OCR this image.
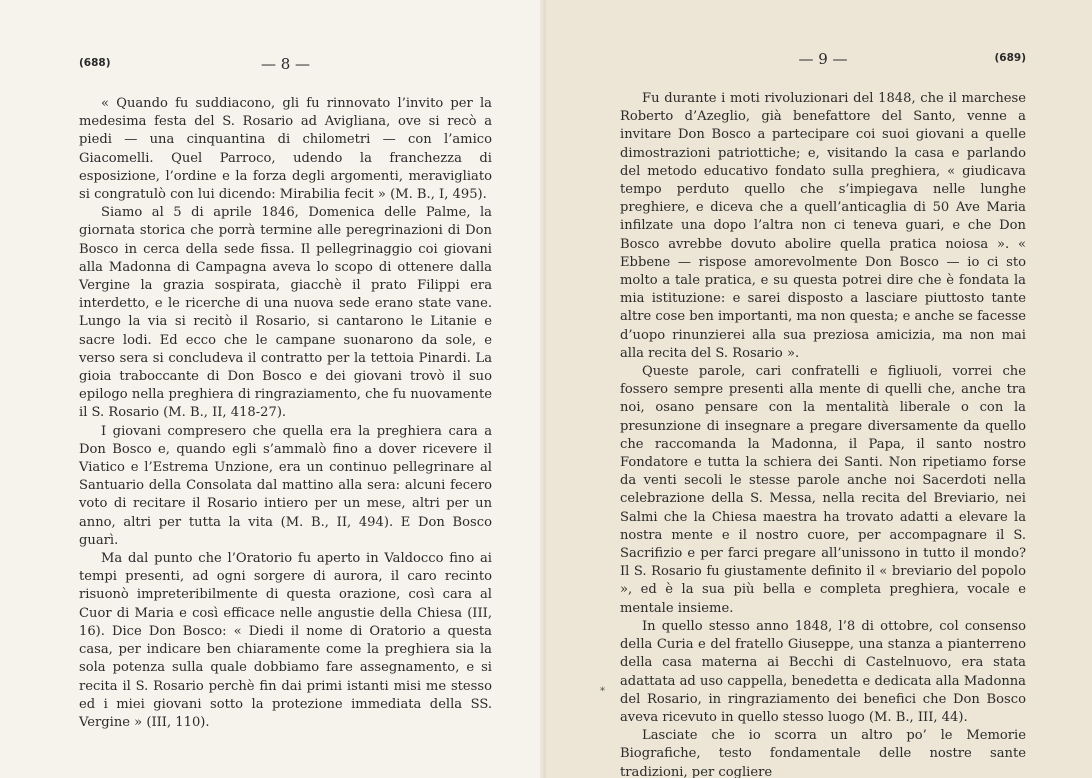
(688)	— 8 —

« Quando fu suddiacono, gli fu rinnovato l’invito per la medesima festa del S. Rosario ad Avigliana, ove si recò a piedi — una cinquantina di chilometri — con l’amico Giacomelli. Quel Parroco, udendo la franchezza di esposizione, l’ordine e la forza degli argomenti, meravigliato si congratulò con lui dicendo: Mirabilia fecit » (M. B., I, 495).

Siamo al 5 di aprile 1846, Domenica delle Palme, la giornata storica che porrà termine alle peregrinazioni di Don Bosco in cerca della sede fissa. Il pellegrinaggio coi giovani alla Madonna di Campagna aveva lo scopo di ottenere dalla Vergine la grazia sospirata, giacchè il prato Filippi era interdetto, e le ricerche di una nuova sede erano state vane. Lungo la via si recitò il Rosario, si cantarono le Litanie e sacre lodi. Ed ecco che le campane suonarono da sole, e verso sera si concludeva il contratto per la tettoia Pinardi. La gioia traboccante di Don Bosco e dei giovani trovò il suo epilogo nella preghiera di ringraziamento, che fu nuovamente il S. Rosario (M. B., II, 418-27).

I giovani compresero che quella era la preghiera cara a Don Bosco e, quando egli s’ammalò fino a dover ricevere il Viatico e l’Estrema Unzione, era un continuo pellegrinare al Santuario della Consolata dal mattino alla sera: alcuni fecero voto di recitare il Rosario intiero per un mese, altri per un anno, altri per tutta la vita (M. B., II, 494). E Don Bosco guarì.

Ma dal punto che l’Oratorio fu aperto in Valdocco fino ai tempi presenti, ad ogni sorgere di aurora, il caro recinto risuonò impreteribilmente di questa orazione, così cara al Cuor di Maria e così efficace nelle angustie della Chiesa (III, 16). Dice Don Bosco: « Diedi il nome di Oratorio a questa casa, per indicare ben chiaramente come la preghiera sia la sola potenza sulla quale dobbiamo fare assegnamento, e si recita il S. Rosario perchè fin dai primi istanti misi me stesso ed i miei giovani sotto la protezione immediata della SS. Vergine » (III, 110).

— 9 —	(689)

Fu durante i moti rivoluzionari del 1848, che il marchese Roberto d’Azeglio, già benefattore del Santo, venne a invitare Don Bosco a partecipare coi suoi giovani a quelle dimostrazioni patriottiche; e, visitando la casa e parlando del metodo educativo fondato sulla preghiera, « giudicava tempo perduto quello che s’impiegava nelle lunghe preghiere, e diceva che a quell’anticaglia di 50 Ave Maria infilzate una dopo l’altra non ci teneva guari, e che Don Bosco avrebbe dovuto abolire quella pratica noiosa ». « Ebbene — rispose amorevolmente Don Bosco — io ci sto molto a tale pratica, e su questa potrei dire che è fondata la mia istituzione: e sarei disposto a lasciare piuttosto tante altre cose ben importanti, ma non questa; e anche se facesse d’uopo rinunzierei alla sua preziosa amicizia, ma non mai alla recita del S. Rosario ».

Queste parole, cari confratelli e figliuoli, vorrei che fossero sempre presenti alla mente di quelli che, anche tra noi, osano pensare con la mentalità liberale o con la presunzione di insegnare a pregare diversamente da quello che raccomanda la Madonna, il Papa, il santo nostro Fondatore e tutta la schiera dei Santi. Non ripetiamo forse da venti secoli le stesse parole anche noi Sacerdoti nella celebrazione della S. Messa, nella recita del Breviario, nei Salmi che la Chiesa maestra ha trovato adatti a elevare la nostra mente e il nostro cuore, per accompagnare il S. Sacrifizio e per farci pregare all’unissono in tutto il mondo? Il S. Rosario fu giustamente definito il « breviario del popolo », ed è la sua più bella e completa preghiera, vocale e mentale insieme.

In quello stesso anno 1848, l’8 di ottobre, col consenso della Curia e del fratello Giuseppe, una stanza a pianterreno della casa materna ai Becchi di Castelnuovo, era stata adattata ad uso cappella, benedetta e dedicata alla Madonna del Rosario, in ringraziamento dei benefici che Don Bosco aveva ricevuto in quello stesso luogo (M. B., III, 44).

Lasciate che io scorra un altro po’ le Memorie Biografiche, testo fondamentale delle nostre sante tradizioni, per cogliere

*
